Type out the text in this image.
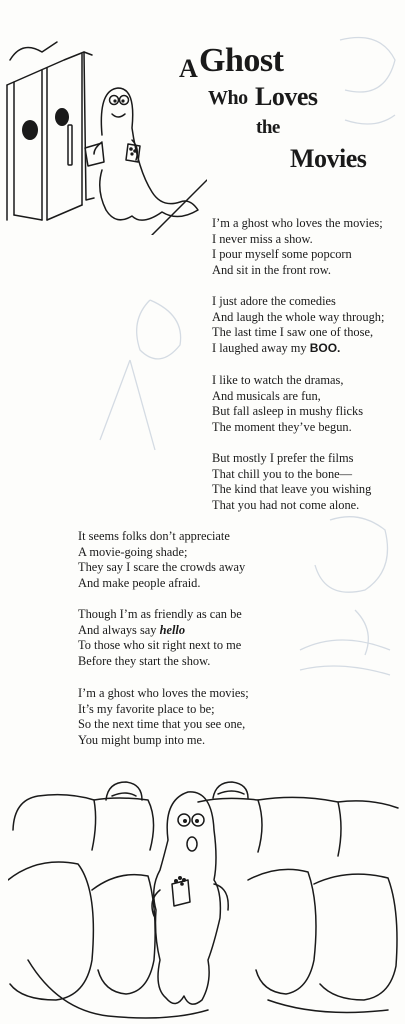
A Ghost
Who Loves
the
Movies
I’m a ghost who loves the movies;
I never miss a show.
I pour myself some popcorn
And sit in the front row.
I just adore the comedies
And laugh the whole way through;
The last time I saw one of those,
I laughed away my BOO.
I like to watch the dramas,
And musicals are fun,
But fall asleep in mushy flicks
The moment they’ve begun.
But mostly I prefer the films
That chill you to the bone—
The kind that leave you wishing
That you had not come alone.
It seems folks don’t appreciate
A movie-going shade;
They say I scare the crowds away
And make people afraid.
Though I’m as friendly as can be
And always say hello
To those who sit right next to me
Before they start the show.
I’m a ghost who loves the movies;
It’s my favorite place to be;
So the next time that you see one,
You might bump into me.
